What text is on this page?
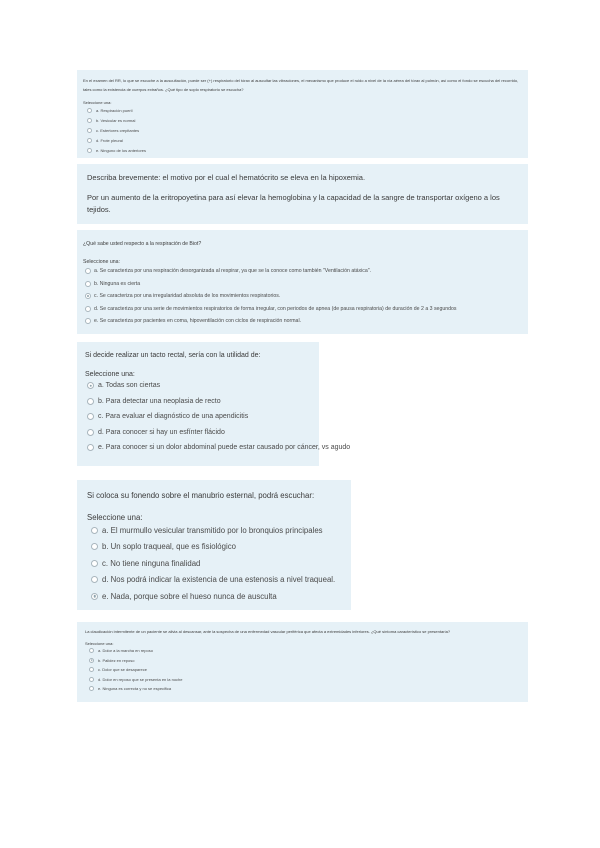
En el examen del RR, lo que se escuche a la auscultación, puede ser (+) respiratorio del tórax al auscultar las vibraciones, el mecanismo que produce el ruido a nivel de la vía aérea del tórax al pulmón, así como el fondo se escucha del recorrido, tales como la existencia de cuerpos extraños. ¿Qué tipo de soplo respiratorio se escucha?

Seleccione una:

a. Respiración pueril
b. Vesicular es normal
c. Estertores crepitantes
d. Frote pleural
e. Ninguno de los anteriores

Describa brevemente: el motivo por el cual el hematócrito se eleva en la hipoxemia.

Por un aumento de la eritropoyetina para así elevar la hemoglobina y la capacidad de la sangre de transportar oxígeno a los tejidos.

¿Qué sabe usted respecto a la respiración de Biot?

Seleccione una:

a. Se caracteriza por una respiración desorganizada al respirar, ya que se la conoce como también "Ventilación atáxica".
b. Ninguna es cierta
c. Se caracteriza por una irregularidad absoluta de los movimientos respiratorios.
d. Se caracteriza por una serie de movimientos respiratorios de forma irregular, con periodos de apnea (de pausa respiratoria) de duración de 2 a 3 segundos
e. Se caracteriza por pacientes en coma, hipoventilación con ciclos de respiración normal.

Si decide realizar un tacto rectal, sería con la utilidad de:

Seleccione una:

a. Todas son ciertas
b. Para detectar una neoplasia de recto
c. Para evaluar el diagnóstico de una apendicitis
d. Para conocer si hay un esfínter flácido
e. Para conocer si un dolor abdominal puede estar causado por cáncer, vs agudo

Si coloca su fonendo sobre el manubrio esternal, podrá escuchar:

Seleccione una:

a. El murmullo vesicular transmitido por lo bronquios principales
b. Un soplo traqueal, que es fisiológico
c. No tiene ninguna finalidad
d. Nos podrá indicar la existencia de una estenosis a nivel traqueal.
e. Nada, porque sobre el hueso nunca de ausculta

La claudicación intermitente de un paciente se alivia al descansar, ante la sospecha de una enfermedad vascular periférica que afecta a extremidades inferiores. ¿Qué síntoma característico se presentaría?

Seleccione una:

a. Dolor a la marcha en reposo
b. Palidez en reposo
c. Dolor que se desaparece
d. Dolor en reposo que se presenta en la noche
e. Ninguna es correcta y no se especifica
